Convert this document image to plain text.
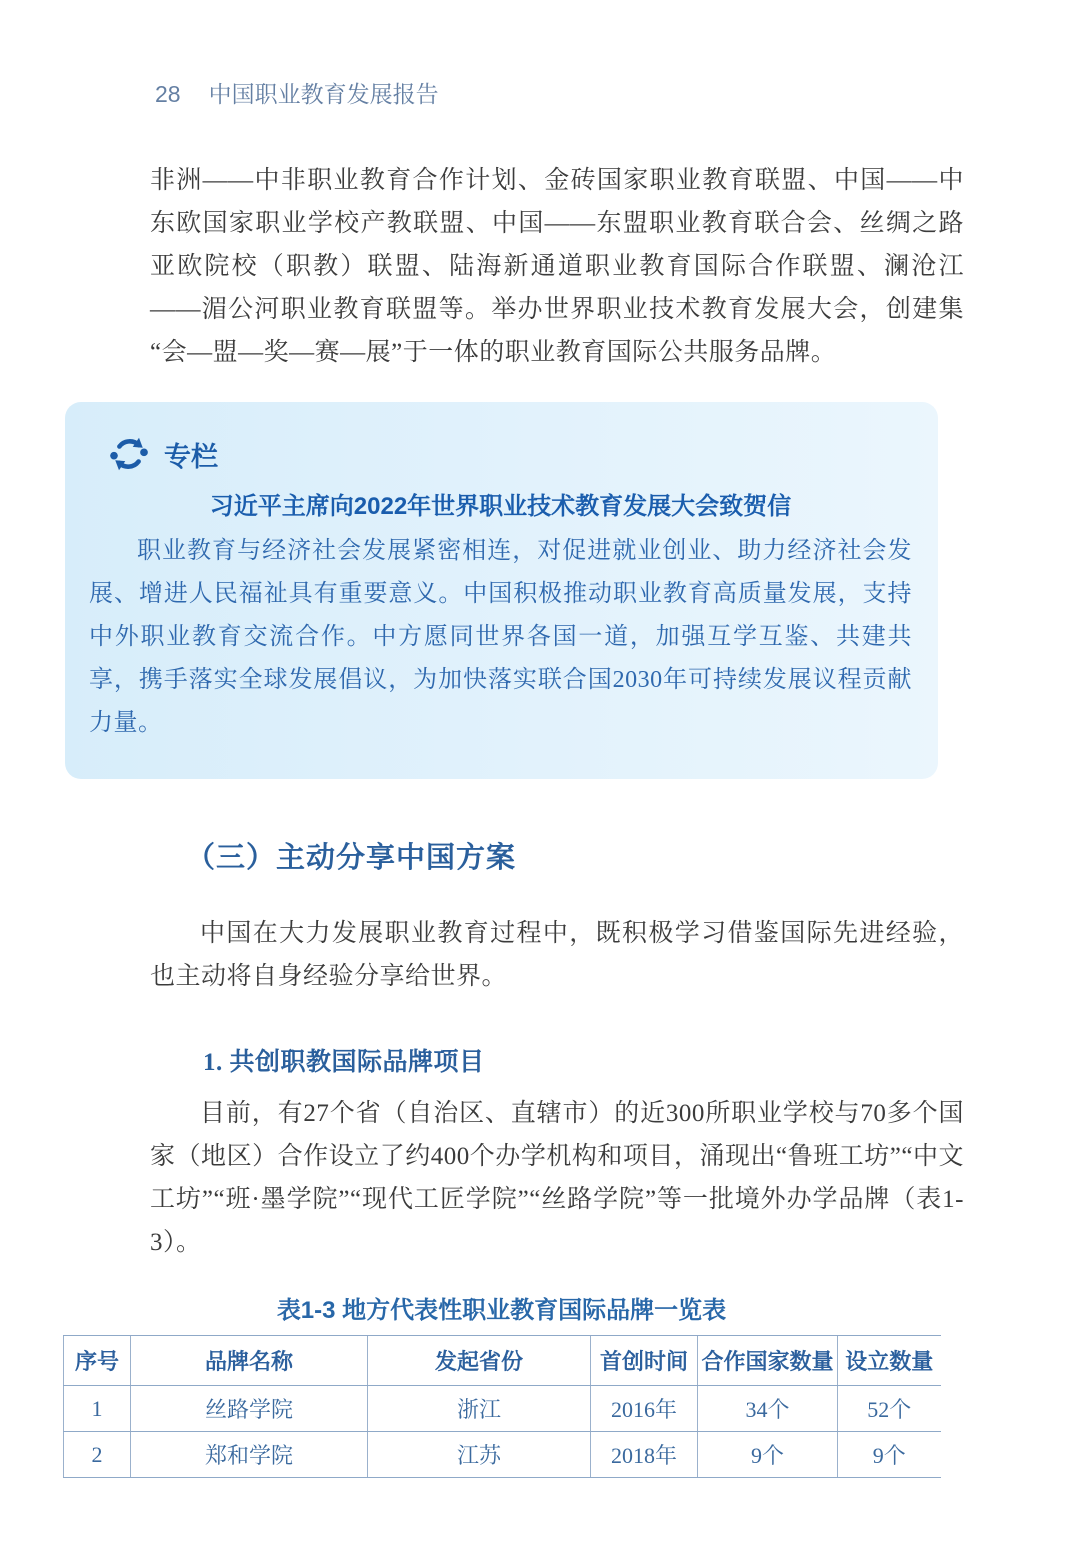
28 中国职业教育发展报告

非洲——中非职业教育合作计划、金砖国家职业教育联盟、中国——中东欧国家职业学校产教联盟、中国——东盟职业教育联合会、丝绸之路亚欧院校（职教）联盟、陆海新通道职业教育国际合作联盟、澜沧江——湄公河职业教育联盟等。举办世界职业技术教育发展大会，创建集“会—盟—奖—赛—展”于一体的职业教育国际公共服务品牌。

专栏
习近平主席向2022年世界职业技术教育发展大会致贺信

职业教育与经济社会发展紧密相连，对促进就业创业、助力经济社会发展、增进人民福祉具有重要意义。中国积极推动职业教育高质量发展，支持中外职业教育交流合作。中方愿同世界各国一道，加强互学互鉴、共建共享，携手落实全球发展倡议，为加快落实联合国2030年可持续发展议程贡献力量。

（三）主动分享中国方案

中国在大力发展职业教育过程中，既积极学习借鉴国际先进经验，也主动将自身经验分享给世界。

1. 共创职教国际品牌项目

目前，有27个省（自治区、直辖市）的近300所职业学校与70多个国家（地区）合作设立了约400个办学机构和项目，涌现出“鲁班工坊”“中文工坊”“班·墨学院”“现代工匠学院”“丝路学院”等一批境外办学品牌（表1-3）。

表1-3 地方代表性职业教育国际品牌一览表
序号	品牌名称	发起省份	首创时间	合作国家数量	设立数量
1	丝路学院	浙江	2016年	34个	52个
2	郑和学院	江苏	2018年	9个	9个
